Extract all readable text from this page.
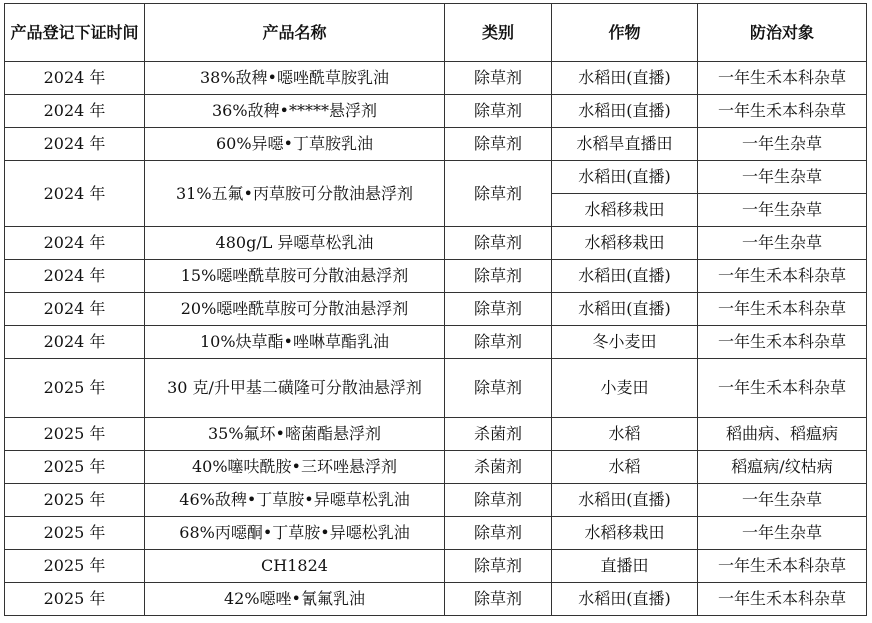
产品登记下证时间	产品名称	类别	作物	防治对象
2024 年	38%敌稗•噁唑酰草胺乳油	除草剂	水稻田(直播)	一年生禾本科杂草
2024 年	36%敌稗•*****悬浮剂	除草剂	水稻田(直播)	一年生禾本科杂草
2024 年	60%异噁•丁草胺乳油	除草剂	水稻旱直播田	一年生杂草
2024 年	31%五氟•丙草胺可分散油悬浮剂	除草剂	水稻田(直播)	一年生杂草
			水稻移栽田	一年生杂草
2024 年	480g/L 异噁草松乳油	除草剂	水稻移栽田	一年生杂草
2024 年	15%噁唑酰草胺可分散油悬浮剂	除草剂	水稻田(直播)	一年生禾本科杂草
2024 年	20%噁唑酰草胺可分散油悬浮剂	除草剂	水稻田(直播)	一年生禾本科杂草
2024 年	10%炔草酯•唑啉草酯乳油	除草剂	冬小麦田	一年生禾本科杂草
2025 年	30 克/升甲基二磺隆可分散油悬浮剂	除草剂	小麦田	一年生禾本科杂草
2025 年	35%氟环•嘧菌酯悬浮剂	杀菌剂	水稻	稻曲病、稻瘟病
2025 年	40%噻呋酰胺•三环唑悬浮剂	杀菌剂	水稻	稻瘟病/纹枯病
2025 年	46%敌稗•丁草胺•异噁草松乳油	除草剂	水稻田(直播)	一年生杂草
2025 年	68%丙噁酮•丁草胺•异噁松乳油	除草剂	水稻移栽田	一年生杂草
2025 年	CH1824	除草剂	直播田	一年生禾本科杂草
2025 年	42%噁唑•氰氟乳油	除草剂	水稻田(直播)	一年生禾本科杂草
